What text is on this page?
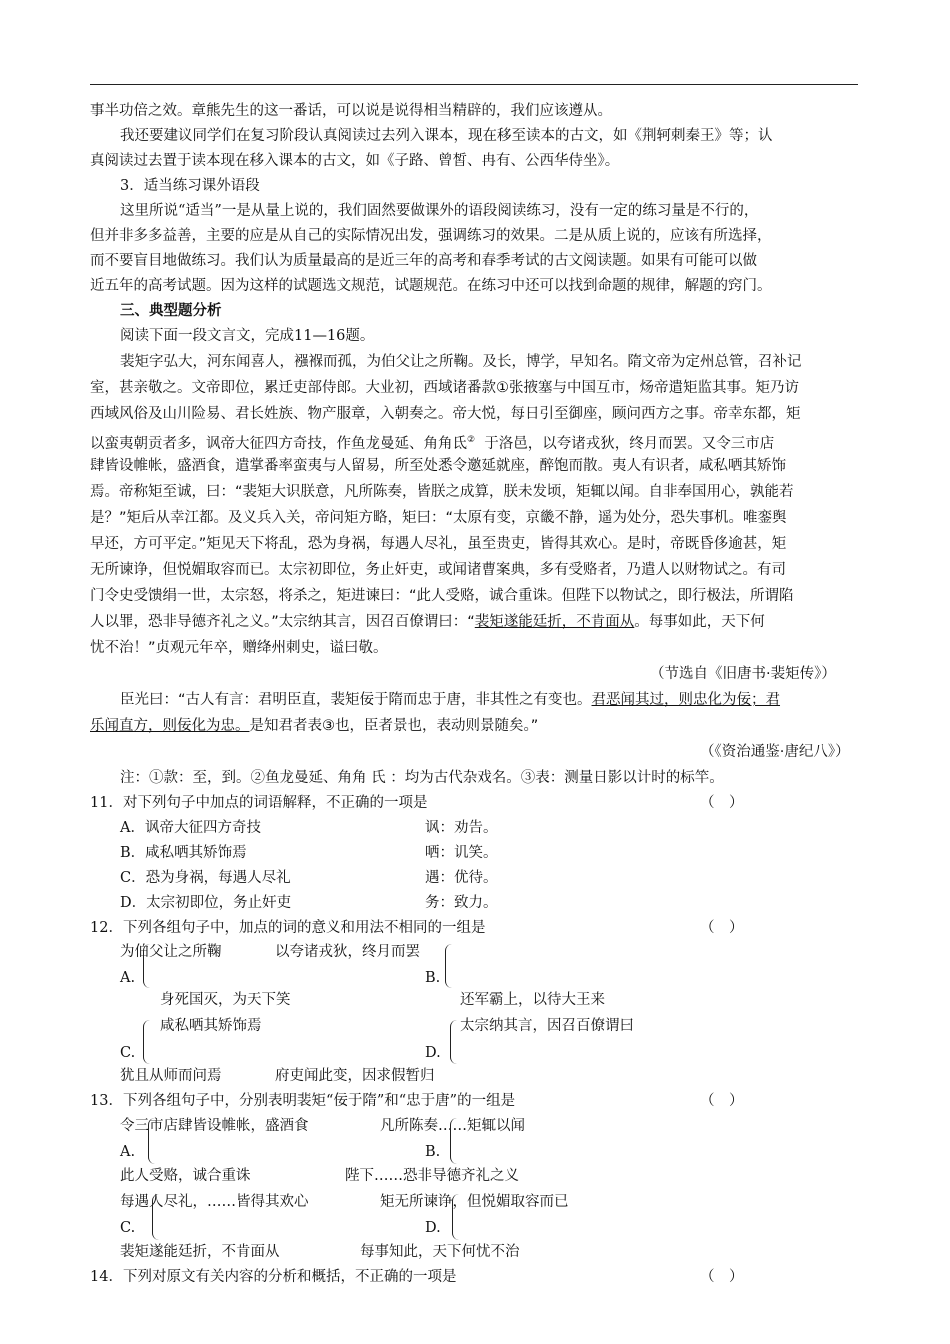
事半功倍之效。章熊先生的这一番话，可以说是说得相当精辟的，我们应该遵从。
我还要建议同学们在复习阶段认真阅读过去列入课本，现在移至读本的古文，如《荆轲刺秦王》等；认
真阅读过去置于读本现在移入课本的古文，如《子路、曾皙、冉有、公西华侍坐》。
3．适当练习课外语段
这里所说“适当”一是从量上说的，我们固然要做课外的语段阅读练习，没有一定的练习量是不行的，
但并非多多益善，主要的应是从自己的实际情况出发，强调练习的效果。二是从质上说的，应该有所选择，
而不要盲目地做练习。我们认为质量最高的是近三年的高考和春季考试的古文阅读题。如果有可能可以做
近五年的高考试题。因为这样的试题选文规范，试题规范。在练习中还可以找到命题的规律，解题的窍门。
三、典型题分析
阅读下面一段文言文，完成11—16题。
裴矩字弘大，河东闻喜人，襁褓而孤，为伯父让之所鞠。及长，博学，早知名。隋文帝为定州总管，召补记
室，甚亲敬之。文帝即位，累迁吏部侍郎。大业初，西域诸番款①张掖塞与中国互市，炀帝遣矩监其事。矩乃访
西域风俗及山川险易、君长姓族、物产服章，入朝奏之。帝大悦，每日引至御座，顾问西方之事。帝幸东都，矩
以蛮夷朝贡者多，讽帝大征四方奇技，作鱼龙曼延、角角氐② 于洛邑，以夸诸戎狄，终月而罢。又令三市店
肆皆设帷帐，盛酒食，遣掌番率蛮夷与人留易，所至处悉令邀延就座，醉饱而散。夷人有识者，咸私哂其矫饰
焉。帝称矩至诚，曰：“裴矩大识朕意，凡所陈奏，皆朕之成算，朕未发顷，矩辄以闻。自非奉国用心，孰能若
是？”矩后从幸江都。及义兵入关，帝问矩方略，矩曰：“太原有变，京畿不静，遥为处分，恐失事机。唯銮舆
早还，方可平定。”矩见天下将乱，恐为身祸，每遇人尽礼，虽至贵吏，皆得其欢心。是时，帝既昏侈逾甚，矩
无所谏诤，但悦媚取容而已。太宗初即位，务止奸吏，或闻诸曹案典，多有受赂者，乃遣人以财物试之。有司
门令史受馈绢一世，太宗怒，将杀之，矩进谏曰：“此人受赂，诚合重诛。但陛下以物试之，即行极法，所谓陷
人以罪，恐非导德齐礼之义。”太宗纳其言，因召百僚谓曰：“裴矩遂能廷折，不肯面从。每事如此，天下何
忧不治！”贞观元年卒，赠绛州刺史，谥曰敬。
（节选自《旧唐书·裴矩传》）
臣光曰：“古人有言：君明臣直，裴矩佞于隋而忠于唐，非其性之有变也。君恶闻其过，则忠化为佞；君
乐闻直方，则佞化为忠。是知君者表③也，臣者景也，表动则景随矣。”
（《资治通鉴·唐纪八》）
注：①款：至，到。②鱼龙曼延、角角 氏 ：均为古代杂戏名。③表：测量日影以计时的标竿。
11．对下列句子中加点的词语解释，不正确的一项是	（　）
A．讽帝大征四方奇技	讽：劝告。
B．咸私哂其矫饰焉	哂：讥笑。
C．恐为身祸，每遇人尽礼	遇：优待。
D．太宗初即位，务止奸吏	务：致力。
12．下列各组句子中，加点的词的意义和用法不相同的一组是	（　）
为伯父让之所鞠
A.
身死国灭，为天下笑
以夸诸戎狄，终月而罢
B.
还军霸上，以待大王来
咸私哂其矫饰焉
C.
犹且从师而问焉
太宗纳其言，因召百僚谓曰
D.
府吏闻此变，因求假暂归
13．下列各组句子中，分别表明裴矩“佞于隋”和“忠于唐”的一组是	（　）
令三市店肆皆设帷帐，盛酒食
A.
此人受赂，诚合重诛
凡所陈奏……矩辄以闻
B.
陛下……恐非导德齐礼之义
每遇人尽礼，……皆得其欢心
C.
裴矩遂能廷折，不肯面从
矩无所谏诤，但悦媚取容而已
D.
每事知此，天下何忧不治
14．下列对原文有关内容的分析和概括，不正确的一项是	（　）
